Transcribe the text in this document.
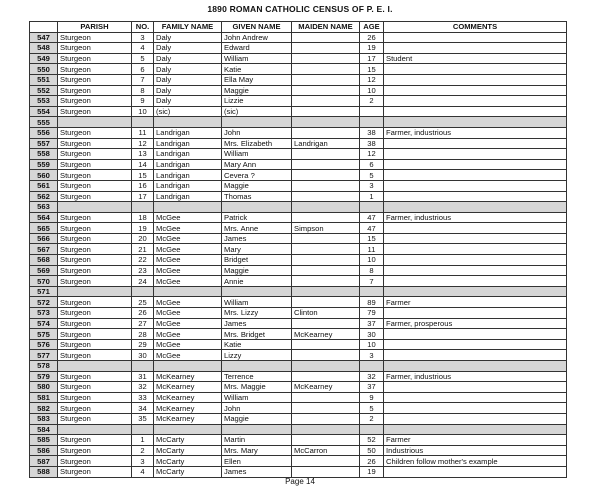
1890 ROMAN CATHOLIC CENSUS OF P. E. I.
	PARISH	NO.	FAMILY NAME	GIVEN NAME	MAIDEN NAME	AGE	COMMENTS
547	Sturgeon	3	Daly	John Andrew		26	
548	Sturgeon	4	Daly	Edward		19	
549	Sturgeon	5	Daly	William		17	Student
550	Sturgeon	6	Daly	Katie		15	
551	Sturgeon	7	Daly	Ella May		12	
552	Sturgeon	8	Daly	Maggie		10	
553	Sturgeon	9	Daly	Lizzie		2	
554	Sturgeon	10	(sic)	(sic)			
555							
556	Sturgeon	11	Landrigan	John		38	Farmer, industrious
557	Sturgeon	12	Landrigan	Mrs. Elizabeth	Landrigan	38	
558	Sturgeon	13	Landrigan	William		12	
559	Sturgeon	14	Landrigan	Mary Ann		6	
560	Sturgeon	15	Landrigan	Cevera ?		5	
561	Sturgeon	16	Landrigan	Maggie		3	
562	Sturgeon	17	Landrigan	Thomas		1	
563							
564	Sturgeon	18	McGee	Patrick		47	Farmer, industrious
565	Sturgeon	19	McGee	Mrs. Anne	Simpson	47	
566	Sturgeon	20	McGee	James		15	
567	Sturgeon	21	McGee	Mary		11	
568	Sturgeon	22	McGee	Bridget		10	
569	Sturgeon	23	McGee	Maggie		8	
570	Sturgeon	24	McGee	Annie		7	
571							
572	Sturgeon	25	McGee	William		89	Farmer
573	Sturgeon	26	McGee	Mrs. Lizzy	Clinton	79	
574	Sturgeon	27	McGee	James		37	Farmer, prosperous
575	Sturgeon	28	McGee	Mrs. Bridget	McKearney	30	
576	Sturgeon	29	McGee	Katie		10	
577	Sturgeon	30	McGee	Lizzy		3	
578							
579	Sturgeon	31	McKearney	Terrence		32	Farmer, industrious
580	Sturgeon	32	McKearney	Mrs. Maggie	McKearney	37	
581	Sturgeon	33	McKearney	William		9	
582	Sturgeon	34	McKearney	John		5	
583	Sturgeon	35	McKearney	Maggie		2	
584							
585	Sturgeon	1	McCarty	Martin		52	Farmer
586	Sturgeon	2	McCarty	Mrs. Mary	McCarron	50	Industrious
587	Sturgeon	3	McCarty	Ellen		26	Children follow mother's example
588	Sturgeon	4	McCarty	James		19	
Page 14
